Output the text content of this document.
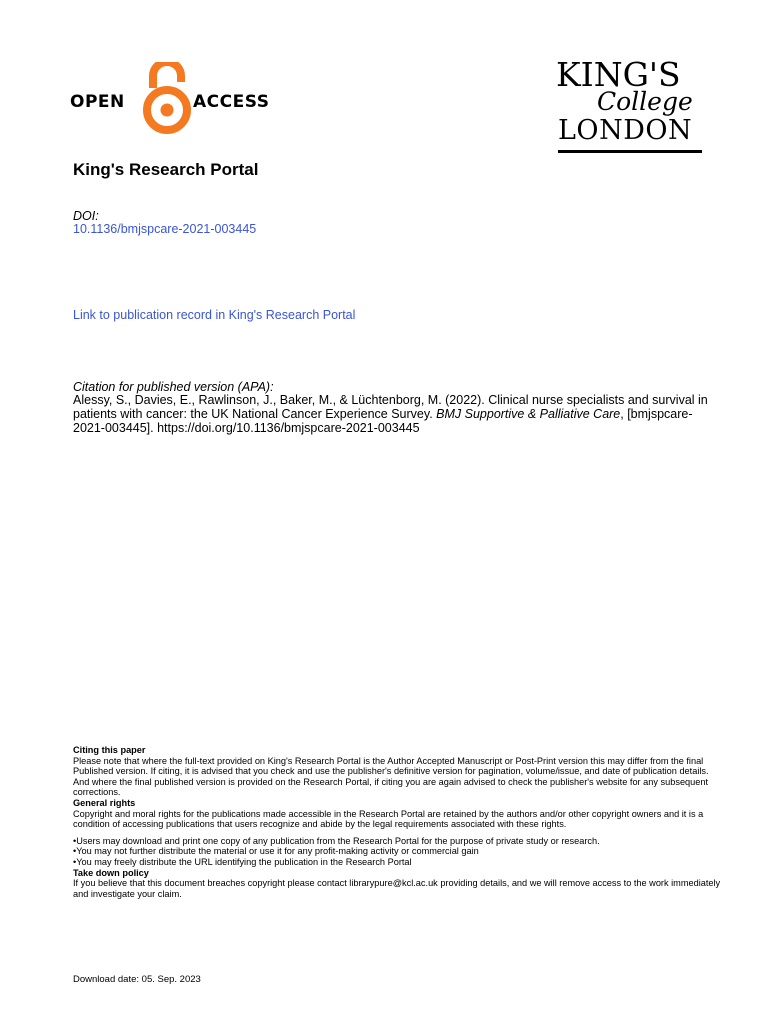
OPEN	ACCESS
KING'S
College
LONDON
King's Research Portal
DOI:
10.1136/bmjspcare-2021-003445
Link to publication record in King's Research Portal
Citation for published version (APA):
Alessy, S., Davies, E., Rawlinson, J., Baker, M., & Lüchtenborg, M. (2022). Clinical nurse specialists and survival in patients with cancer: the UK National Cancer Experience Survey. BMJ Supportive & Palliative Care, [bmjspcare-2021-003445]. https://doi.org/10.1136/bmjspcare-2021-003445
Citing this paper
Please note that where the full-text provided on King's Research Portal is the Author Accepted Manuscript or Post-Print version this may differ from the final Published version. If citing, it is advised that you check and use the publisher's definitive version for pagination, volume/issue, and date of publication details. And where the final published version is provided on the Research Portal, if citing you are again advised to check the publisher's website for any subsequent corrections.
General rights
Copyright and moral rights for the publications made accessible in the Research Portal are retained by the authors and/or other copyright owners and it is a condition of accessing publications that users recognize and abide by the legal requirements associated with these rights.
•Users may download and print one copy of any publication from the Research Portal for the purpose of private study or research.
•You may not further distribute the material or use it for any profit-making activity or commercial gain
•You may freely distribute the URL identifying the publication in the Research Portal
Take down policy
If you believe that this document breaches copyright please contact librarypure@kcl.ac.uk providing details, and we will remove access to the work immediately and investigate your claim.
Download date: 05. Sep. 2023
